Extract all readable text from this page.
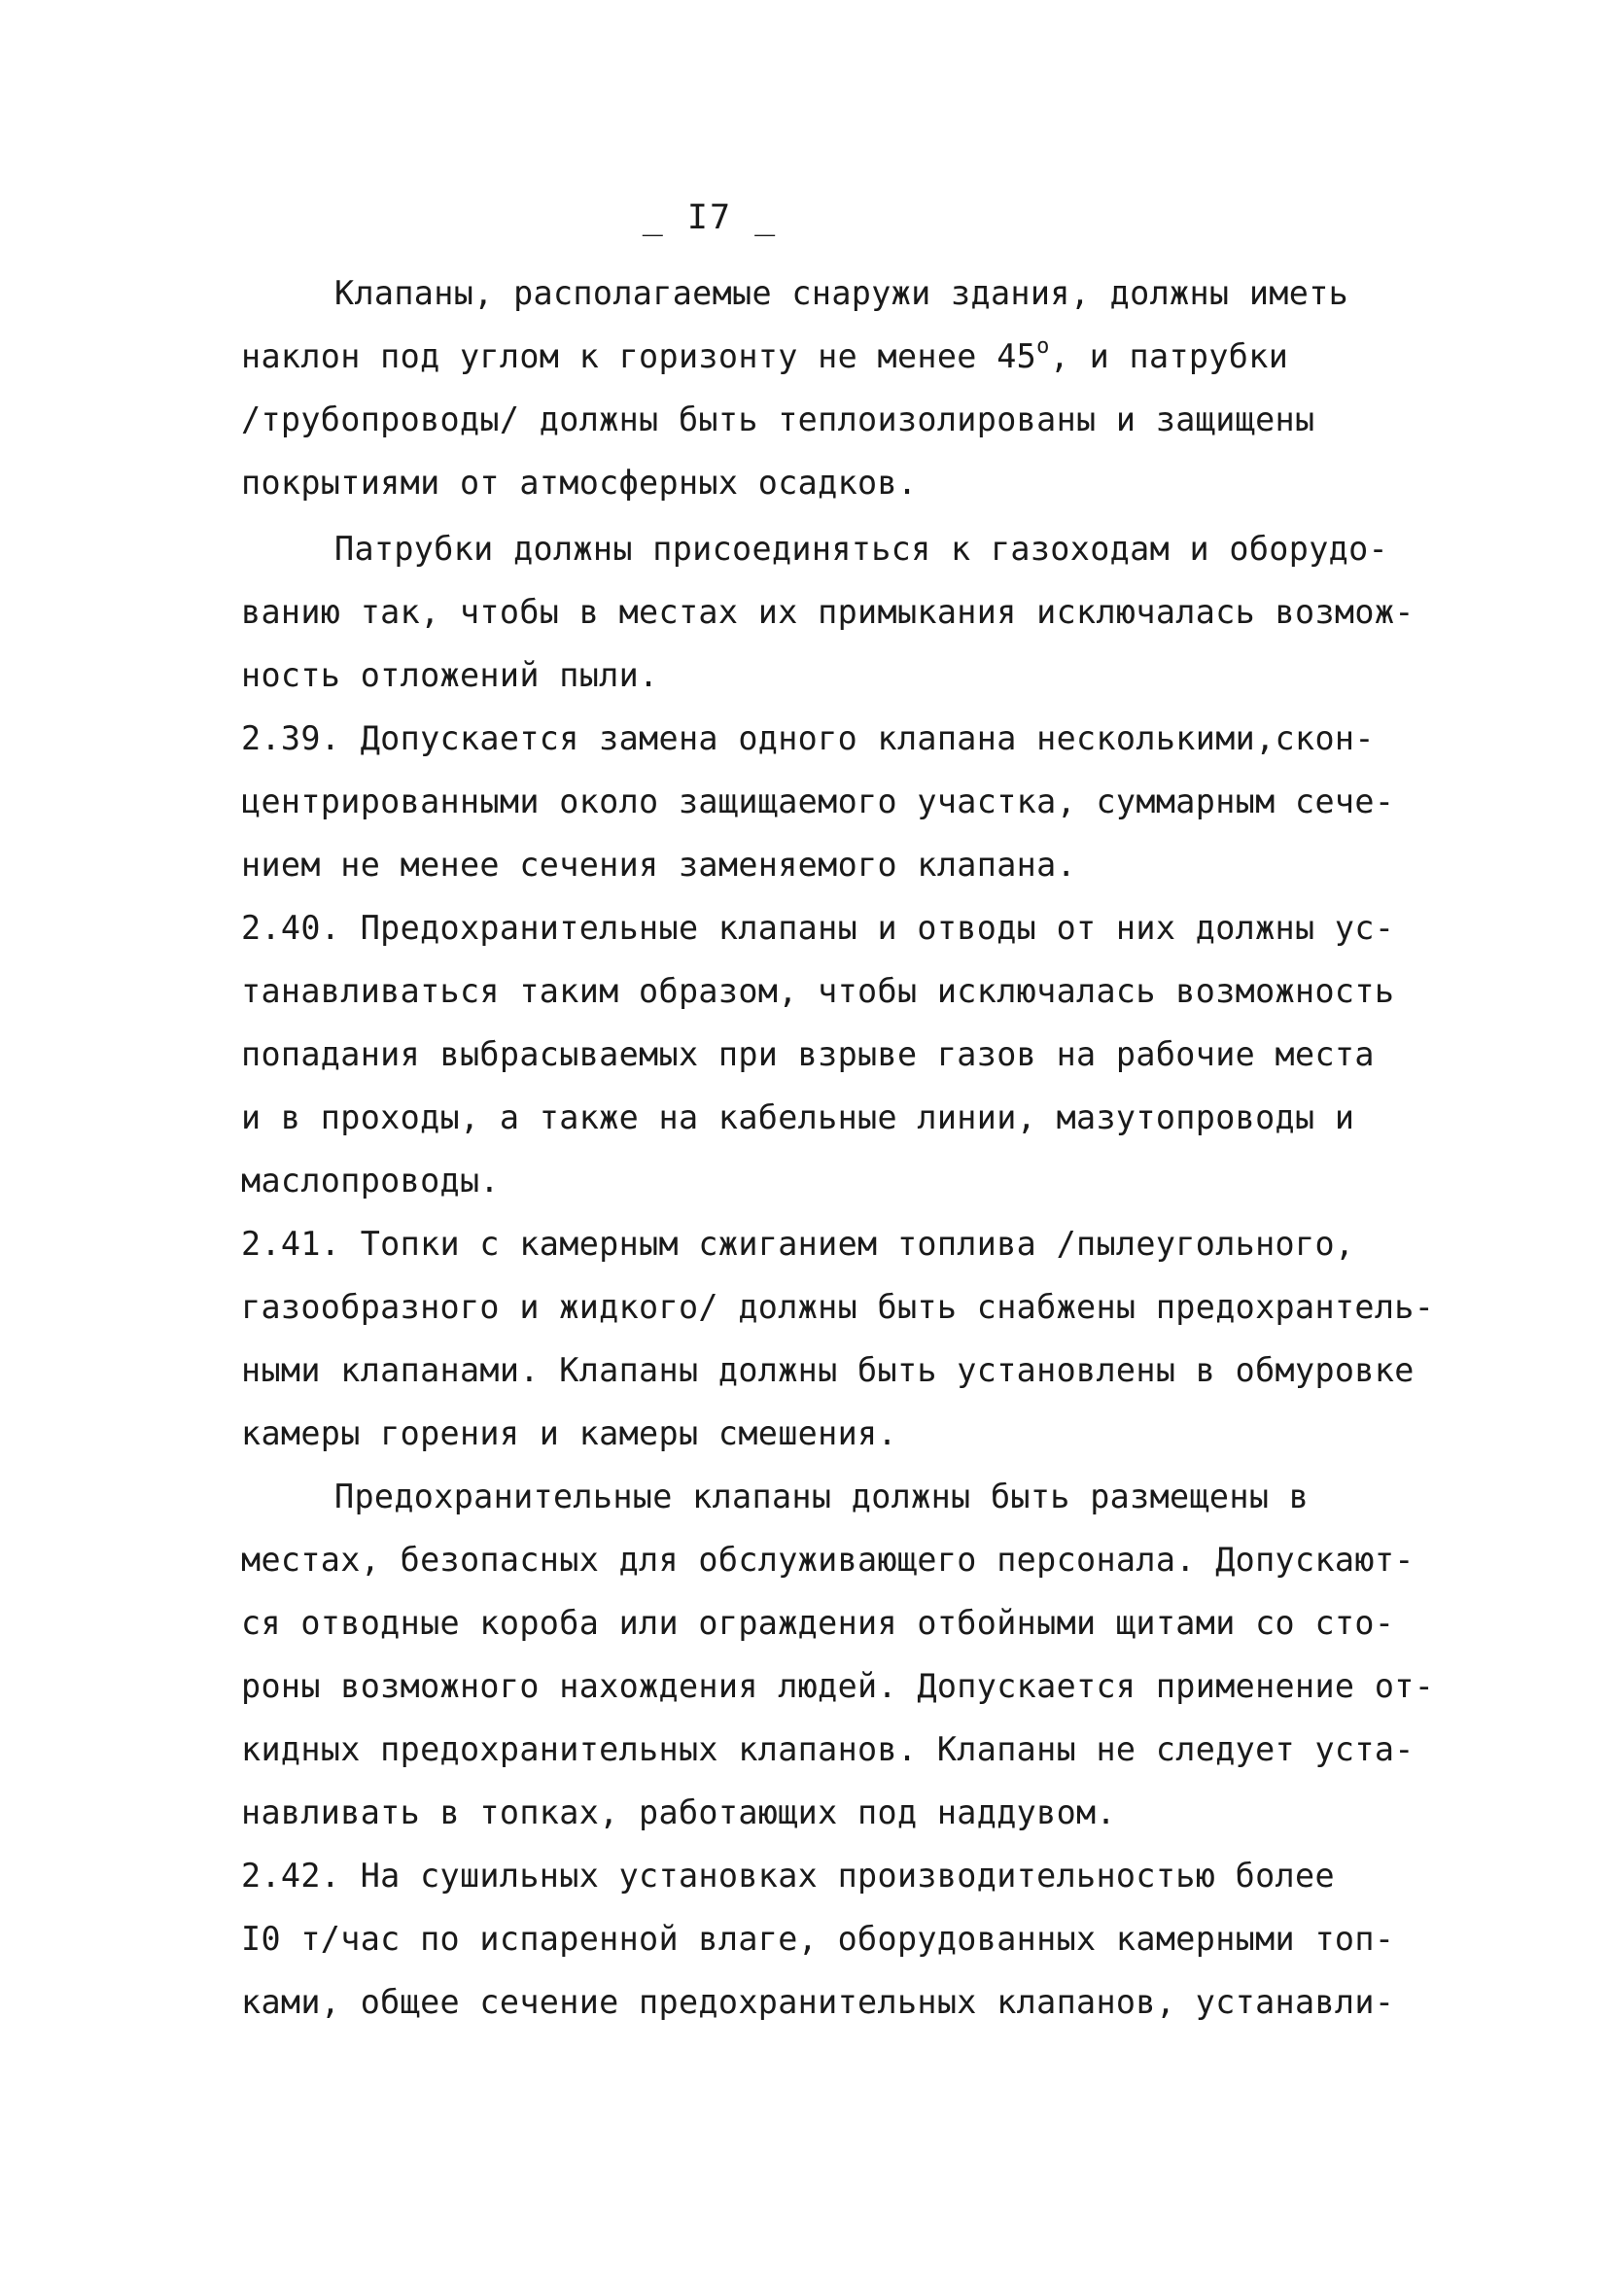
_ I7 _

Клапаны, располагаемые снаружи здания, должны иметь

наклон под углом к горизонту не менее $45^о$, и патрубки

/трубопроводы/ должны быть теплоизолированы и защищены

покрытиями от атмосферных осадков.

Патрубки должны присоединяться к газоходам и оборудо-

ванию так, чтобы в местах их примыкания исключалась возмож-

ность отложений пыли.

2.39. Допускается замена одного клапана несколькими,скон-

центрированными около защищаемого участка, суммарным сече-

нием не менее сечения заменяемого клапана.

2.40. Предохранительные клапаны и отводы от них должны ус-

танавливаться таким образом, чтобы исключалась возможность

попадания выбрасываемых при взрыве газов на рабочие места

и в проходы, а также на кабельные линии, мазутопроводы и

маслопроводы.

2.41. Топки с камерным сжиганием топлива /пылеугольного,

газообразного и жидкого/ должны быть снабжены предохрантель-

ными клапанами. Клапаны должны быть установлены в обмуровке

камеры горения и камеры смешения.

Предохранительные клапаны должны быть размещены в

местах, безопасных для обслуживающего персонала. Допускают-

ся отводные короба или ограждения отбойными щитами со сто-

роны возможного нахождения людей. Допускается применение от-

кидных предохранительных клапанов. Клапаны не следует уста-

навливать в топках, работающих под наддувом.

2.42. На сушильных установках производительностью более

I0 т/час по испаренной влаге, оборудованных камерными топ-

ками, общее сечение предохранительных клапанов, устанавли-
